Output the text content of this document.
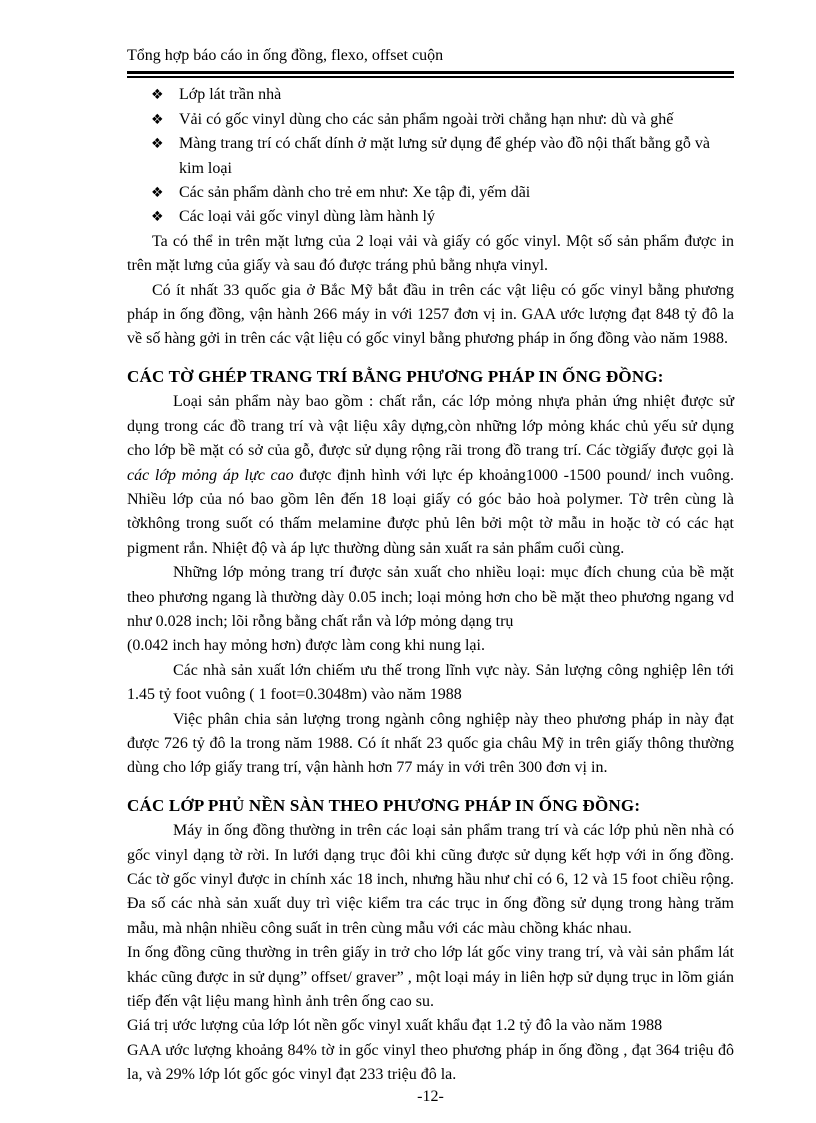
Tổng hợp báo cáo in ống đồng, flexo, offset cuộn
❖ Lớp lát trần nhà
❖ Vải có gốc vinyl dùng cho các sản phẩm ngoài trời chẳng hạn như: dù và ghế
❖ Màng trang trí có chất dính ở mặt lưng sử dụng để ghép vào đồ nội thất bằng gỗ và kim loại
❖ Các sản phẩm dành cho trẻ em như: Xe tập đi, yếm dãi
❖ Các loại vải gốc vinyl dùng làm hành lý

Ta có thể in trên mặt lưng của 2 loại vải và giấy có gốc vinyl. Một số sản phẩm được in trên mặt lưng của giấy và sau đó được tráng phủ bằng nhựa vinyl.

Có ít nhất 33 quốc gia ở Bắc Mỹ bắt đầu in trên các vật liệu có gốc vinyl bằng phương pháp in ống đồng, vận hành 266 máy in với 1257 đơn vị in. GAA ước lượng đạt 848 tỷ đô la về số hàng gởi in trên các vật liệu có gốc vinyl bằng phương pháp in ống đồng vào năm 1988.

CÁC TỜ GHÉP TRANG TRÍ BẰNG PHƯƠNG PHÁP IN ỐNG ĐỒNG:

Loại sản phẩm này bao gồm : chất rắn, các lớp mỏng nhựa phản ứng nhiệt được sử dụng trong các đồ trang trí và vật liệu xây dựng,còn những lớp mỏng khác chủ yếu sử dụng cho lớp bề mặt có sở của gỗ, được sử dụng rộng rãi trong đồ trang trí. Các tờgiấy được gọi là các lớp mỏng áp lực cao được định hình với lực ép khoảng1000 -1500 pound/ inch vuông. Nhiều lớp của nó bao gồm lên đến 18 loại giấy có góc bảo hoà polymer. Tờ trên cùng là tờkhông trong suốt có thấm melamine được phủ lên bởi một tờ mẫu in hoặc tờ có các hạt pigment rắn. Nhiệt độ và áp lực thường dùng sản xuất ra sản phẩm cuối cùng.

Những lớp mỏng trang trí được sản xuất cho nhiều loại: mục đích chung của bề mặt theo phương ngang là thường dày 0.05 inch; loại mỏng hơn cho bề mặt theo phương ngang vd như 0.028 inch; lõi rỗng bằng chất rắn và lớp mỏng dạng trụ
(0.042 inch hay mỏng hơn) được làm cong khi nung lại.

Các nhà sản xuất lớn chiếm ưu thế trong lĩnh vực này. Sản lượng công nghiệp lên tới 1.45 tỷ foot vuông ( 1 foot=0.3048m) vào năm 1988

Việc phân chia sản lượng trong ngành công nghiệp này theo phương pháp in này đạt được 726 tỷ đô la trong năm 1988. Có ít nhất 23 quốc gia châu Mỹ in trên giấy thông thường dùng cho lớp giấy trang trí, vận hành hơn 77 máy in với trên 300 đơn vị in.

CÁC LỚP PHỦ NỀN SÀN THEO PHƯƠNG PHÁP IN ỐNG ĐỒNG:

Máy in ống đồng thường in trên các loại sản phẩm trang trí và các lớp phủ nền nhà có gốc vinyl dạng tờ rời. In lưới dạng trục đôi khi cũng được sử dụng kết hợp với in ống đồng. Các tờ gốc vinyl được in chính xác 18 inch, nhưng hầu như chỉ có 6, 12 và 15 foot chiều rộng. Đa số các nhà sản xuất duy trì việc kiểm tra các trục in ống đồng sử dụng trong hàng trăm mẫu, mà nhận nhiều công suất in trên cùng mẫu với các màu chồng khác nhau.

In ống đồng cũng thường in trên giấy in trở cho lớp lát gốc viny trang trí, và vài sản phẩm lát khác cũng được in sử dụng” offset/ graver” , một loại máy in liên hợp sử dụng trục in lõm gián tiếp đến vật liệu mang hình ảnh trên ống cao su.

Giá trị ước lượng của lớp lót nền gốc vinyl xuất khẩu đạt 1.2 tỷ đô la vào năm 1988

GAA ước lượng khoảng 84% tờ in gốc vinyl theo phương pháp in ống đồng , đạt 364 triệu đô la, và 29% lớp lót gốc góc vinyl đạt 233 triệu đô la.

-12-
